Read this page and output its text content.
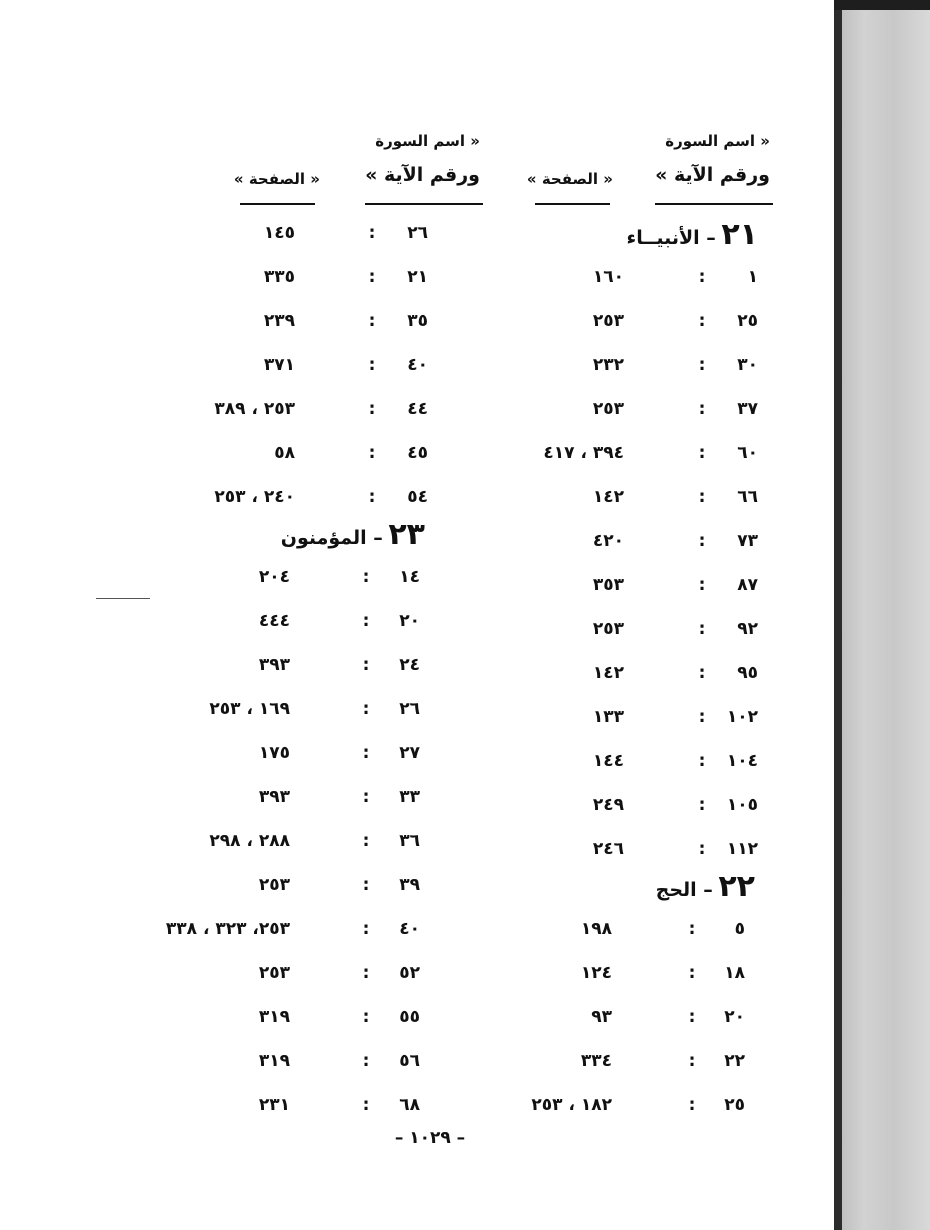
« اسم السورة
ورقم الآية »
« الصفحة »
« اسم السورة
ورقم الآية »
« الصفحة »
٢١ – الأنبيــاء
٢٢ – الحج
٢٣ – المؤمنون
– ١٠٢٩ –
١
:
١٦٠
٢٥
:
٢٥٣
٣٠
:
٢٣٢
٣٧
:
٢٥٣
٦٠
:
٣٩٤ ، ٤١٧
٦٦
:
١٤٢
٧٣
:
٤٢٠
٨٧
:
٣٥٣
٩٢
:
٢٥٣
٩٥
:
١٤٢
١٠٢
:
١٣٣
١٠٤
:
١٤٤
١٠٥
:
٢٤٩
١١٢
:
٢٤٦
٥
:
١٩٨
١٨
:
١٢٤
٢٠
:
٩٣
٢٢
:
٣٣٤
٢٥
:
١٨٢ ، ٢٥٣
٢٦
:
١٤٥
٢١
:
٣٣٥
٣٥
:
٢٣٩
٤٠
:
٣٧١
٤٤
:
٢٥٣ ، ٣٨٩
٤٥
:
٥٨
٥٤
:
٢٤٠ ، ٢٥٣
١٤
:
٢٠٤
٢٠
:
٤٤٤
٢٤
:
٣٩٣
٢٦
:
١٦٩ ، ٢٥٣
٢٧
:
١٧٥
٣٣
:
٣٩٣
٣٦
:
٢٨٨ ، ٢٩٨
٣٩
:
٢٥٣
٤٠
:
٢٥٣، ٣٢٣ ، ٣٣٨
٥٢
:
٢٥٣
٥٥
:
٣١٩
٥٦
:
٣١٩
٦٨
:
٢٣١
